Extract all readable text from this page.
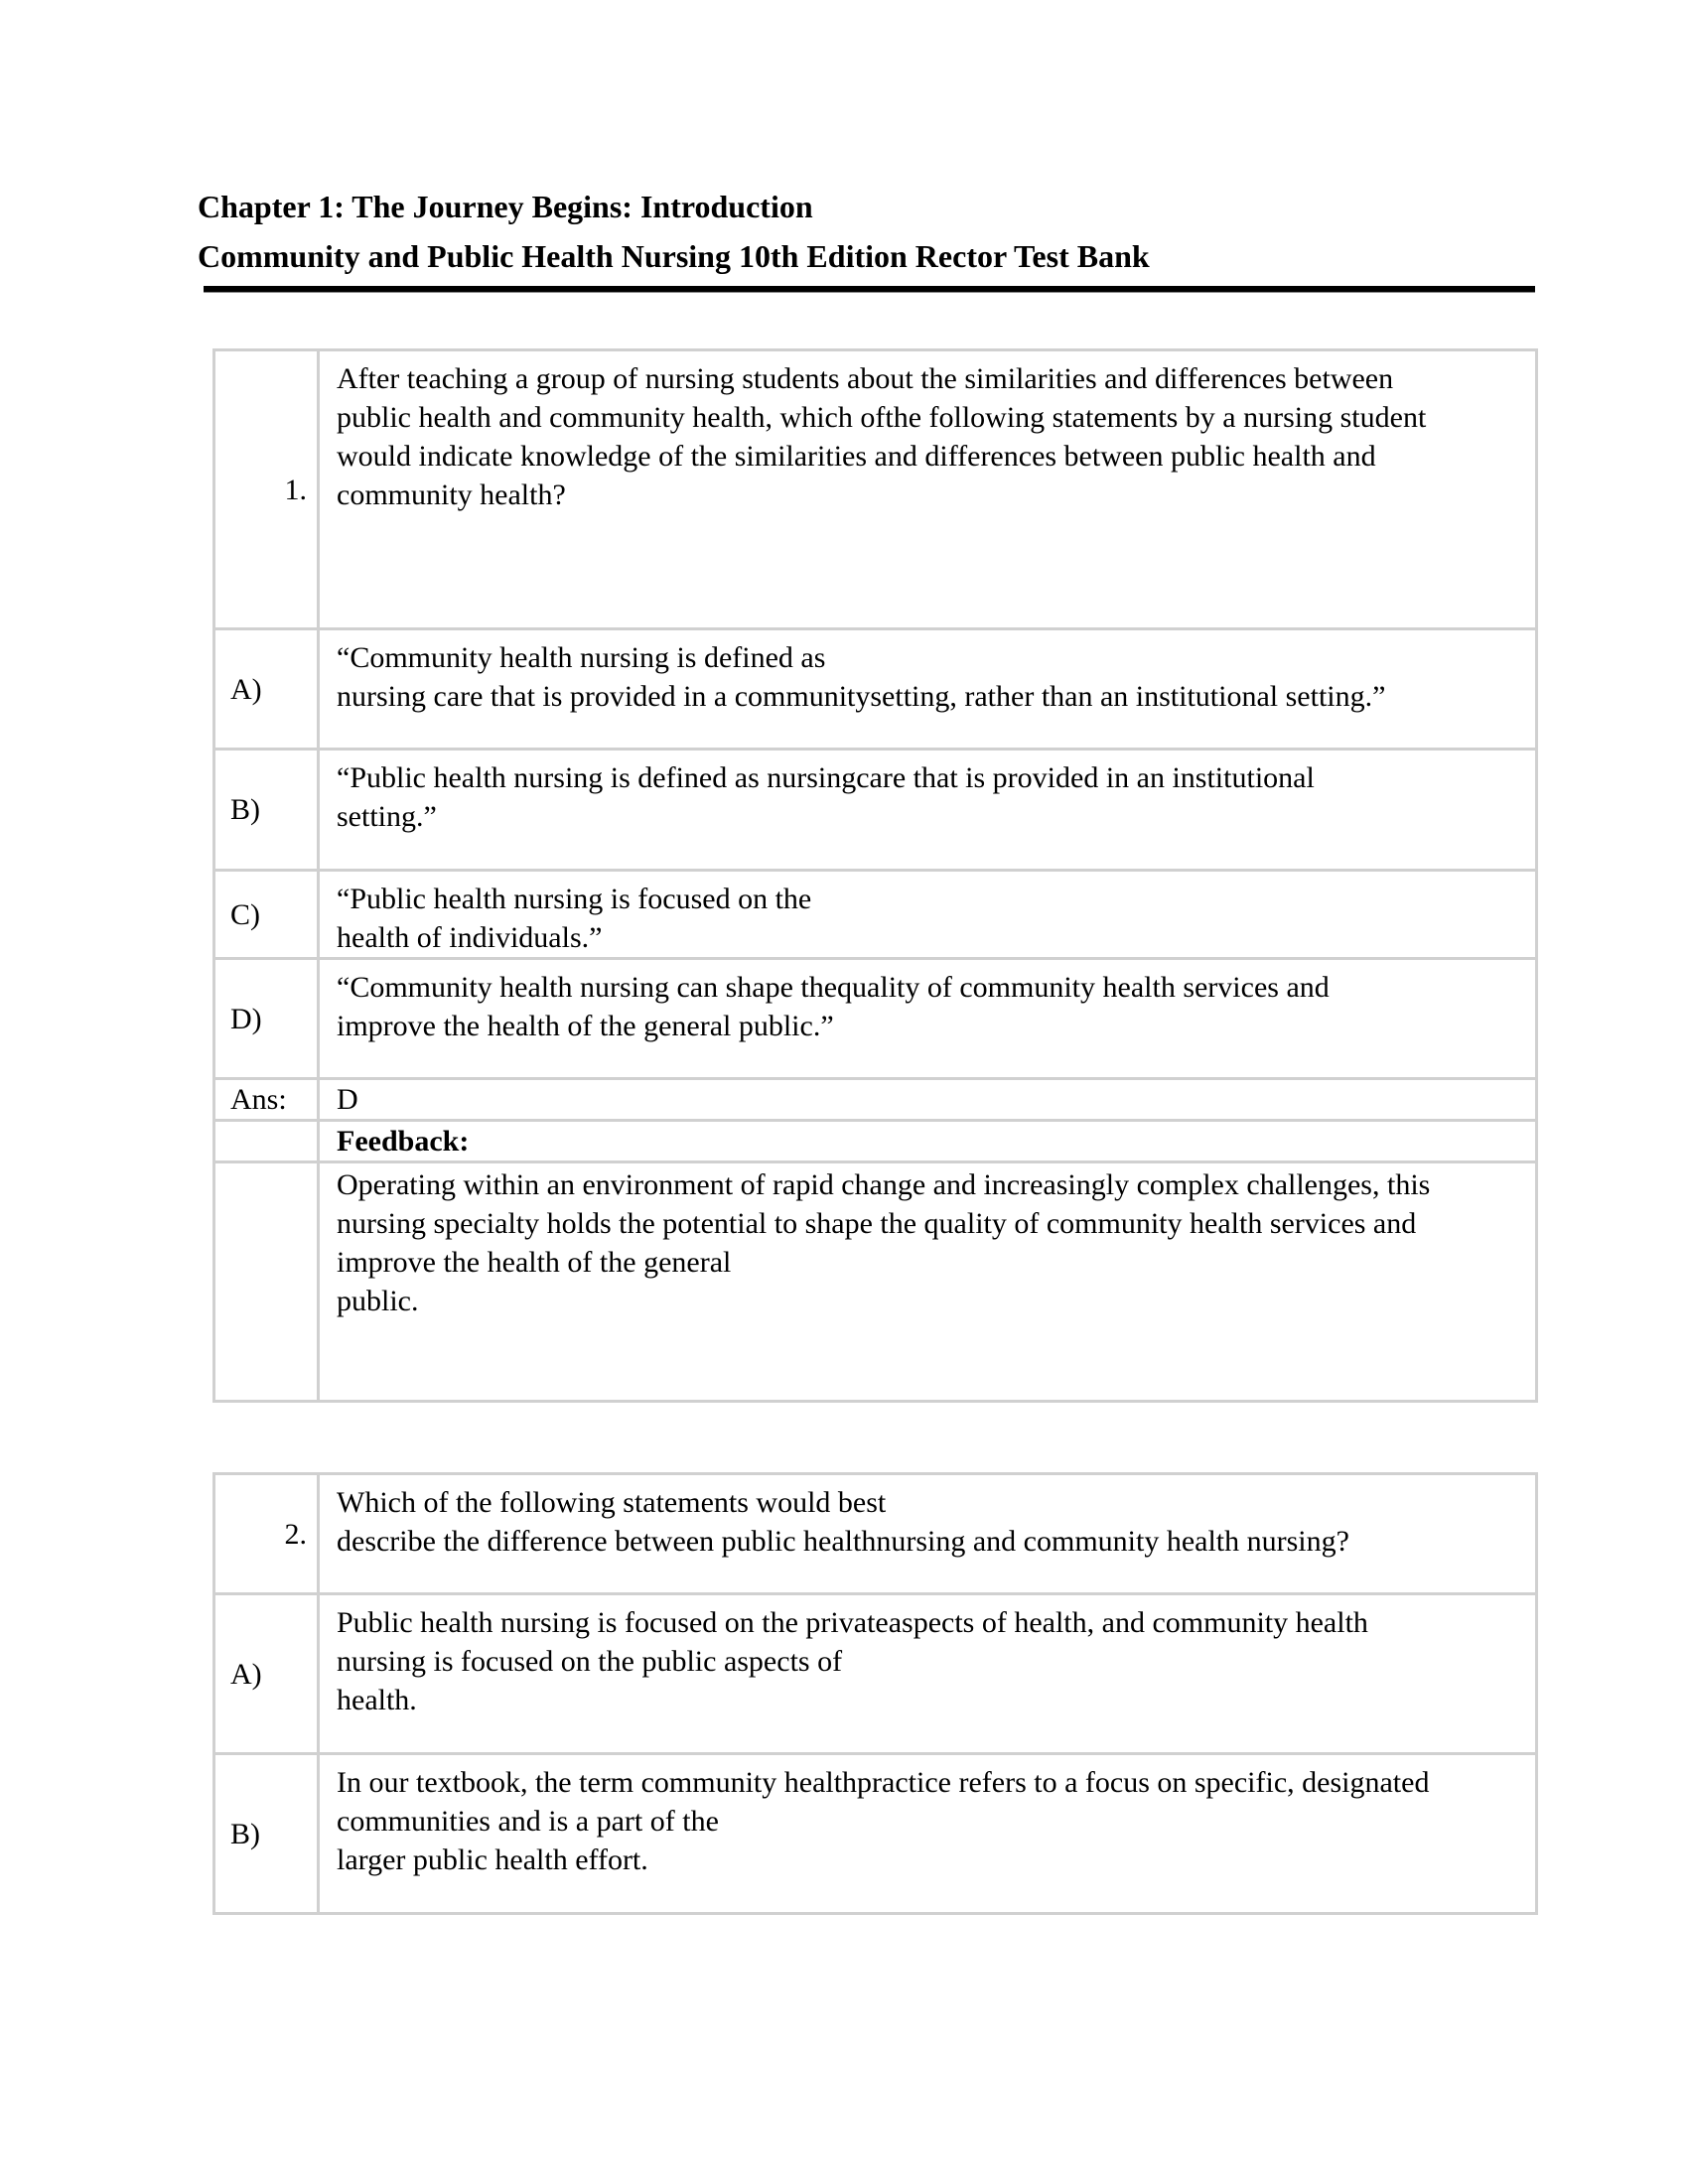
Chapter 1: The Journey Begins: Introduction
Community and Public Health Nursing 10th Edition Rector Test Bank
1.	After teaching a group of nursing students about the similarities and differences between
public health and community health, which ofthe following statements by a nursing student
would indicate knowledge of the similarities and differences between public health and
community health?

A)	“Community health nursing is defined as
nursing care that is provided in a communitysetting, rather than an institutional setting.”

B)	“Public health nursing is defined as nursingcare that is provided in an institutional
setting.”

C)	“Public health nursing is focused on the
health of individuals.”

D)	“Community health nursing can shape thequality of community health services and
improve the health of the general public.”

Ans:	D

	Feedback:

	Operating within an environment of rapid change and increasingly complex challenges, this
nursing specialty holds the potential to shape the quality of community health services and
improve the health of the general
public.
2.	Which of the following statements would best
describe the difference between public healthnursing and community health nursing?

A)	Public health nursing is focused on the privateaspects of health, and community health
nursing is focused on the public aspects of
health.

B)	In our textbook, the term community healthpractice refers to a focus on specific, designated
communities and is a part of the
larger public health effort.
